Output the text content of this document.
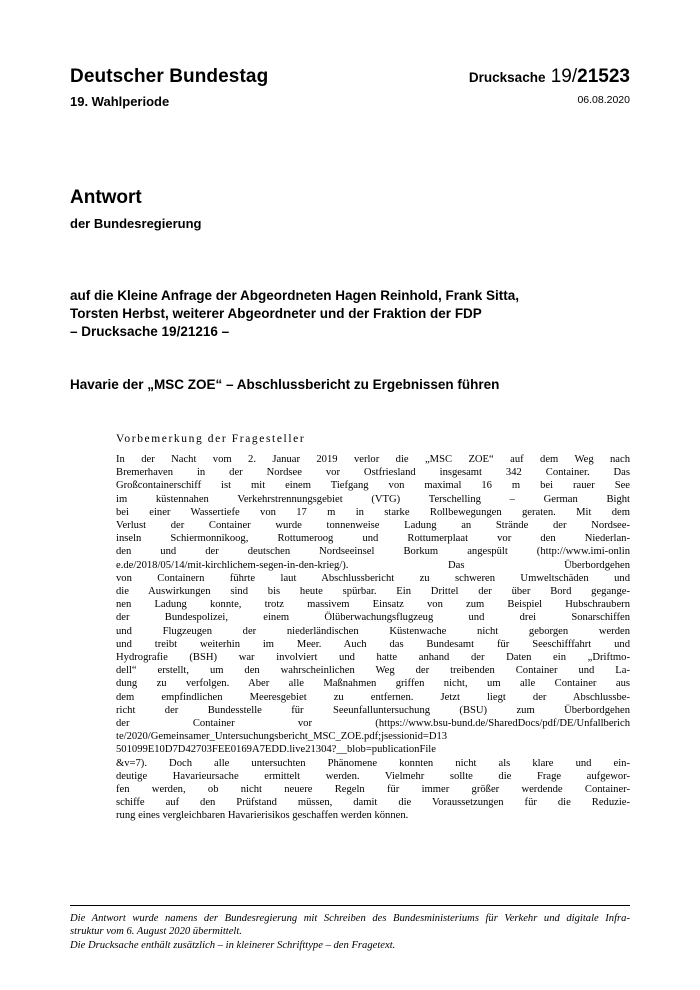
Deutscher Bundestag
19. Wahlperiode
Drucksache 19/21523
06.08.2020
Antwort
der Bundesregierung
auf die Kleine Anfrage der Abgeordneten Hagen Reinhold, Frank Sitta,
Torsten Herbst, weiterer Abgeordneter und der Fraktion der FDP
– Drucksache 19/21216 –
Havarie der „MSC ZOE“ – Abschlussbericht zu Ergebnissen führen
Vorbemerkung der Fragesteller
In der Nacht vom 2. Januar 2019 verlor die „MSC ZOE“ auf dem Weg nach
Bremerhaven in der Nordsee vor Ostfriesland insgesamt 342 Container. Das
Großcontainerschiff ist mit einem Tiefgang von maximal 16 m bei rauer See
im küstennahen Verkehrstrennungsgebiet (VTG) Terschelling – German Bight
bei einer Wassertiefe von 17 m in starke Rollbewegungen geraten. Mit dem
Verlust der Container wurde tonnenweise Ladung an Strände der Nordsee-
inseln Schiermonnikoog, Rottumeroog und Rottumerplaat vor den Niederlan-
den und der deutschen Nordseeinsel Borkum angespült (http://www.imi-onlin
e.de/2018/05/14/mit-kirchlichem-segen-in-den-krieg/). Das Überbordgehen
von Containern führte laut Abschlussbericht zu schweren Umweltschäden und
die Auswirkungen sind bis heute spürbar. Ein Drittel der über Bord gegange-
nen Ladung konnte, trotz massivem Einsatz von zum Beispiel Hubschraubern
der Bundespolizei, einem Ölüberwachungsflugzeug und drei Sonarschiffen
und Flugzeugen der niederländischen Küstenwache nicht geborgen werden
und treibt weiterhin im Meer. Auch das Bundesamt für Seeschifffahrt und
Hydrografie (BSH) war involviert und hatte anhand der Daten ein „Driftmo-
dell“ erstellt, um den wahrscheinlichen Weg der treibenden Container und La-
dung zu verfolgen. Aber alle Maßnahmen griffen nicht, um alle Container aus
dem empfindlichen Meeresgebiet zu entfernen. Jetzt liegt der Abschlussbe-
richt der Bundesstelle für Seeunfalluntersuchung (BSU) zum Überbordgehen
der Container vor (https://www.bsu-bund.de/SharedDocs/pdf/DE/Unfallberich
te/2020/Gemeinsamer_Untersuchungsbericht_MSC_ZOE.pdf;jsessionid=D13
501099E10D7D42703FEE0169A7EDD.live21304?__blob=publicationFile
&v=7). Doch alle untersuchten Phänomene konnten nicht als klare und ein-
deutige Havarieursache ermittelt werden. Vielmehr sollte die Frage aufgewor-
fen werden, ob nicht neuere Regeln für immer größer werdende Container-
schiffe auf den Prüfstand müssen, damit die Voraussetzungen für die Reduzie-
rung eines vergleichbaren Havarierisikos geschaffen werden können.
Die Antwort wurde namens der Bundesregierung mit Schreiben des Bundesministeriums für Verkehr und digitale Infra-
struktur vom 6. August 2020 übermittelt.
Die Drucksache enthält zusätzlich – in kleinerer Schrifttype – den Fragetext.
